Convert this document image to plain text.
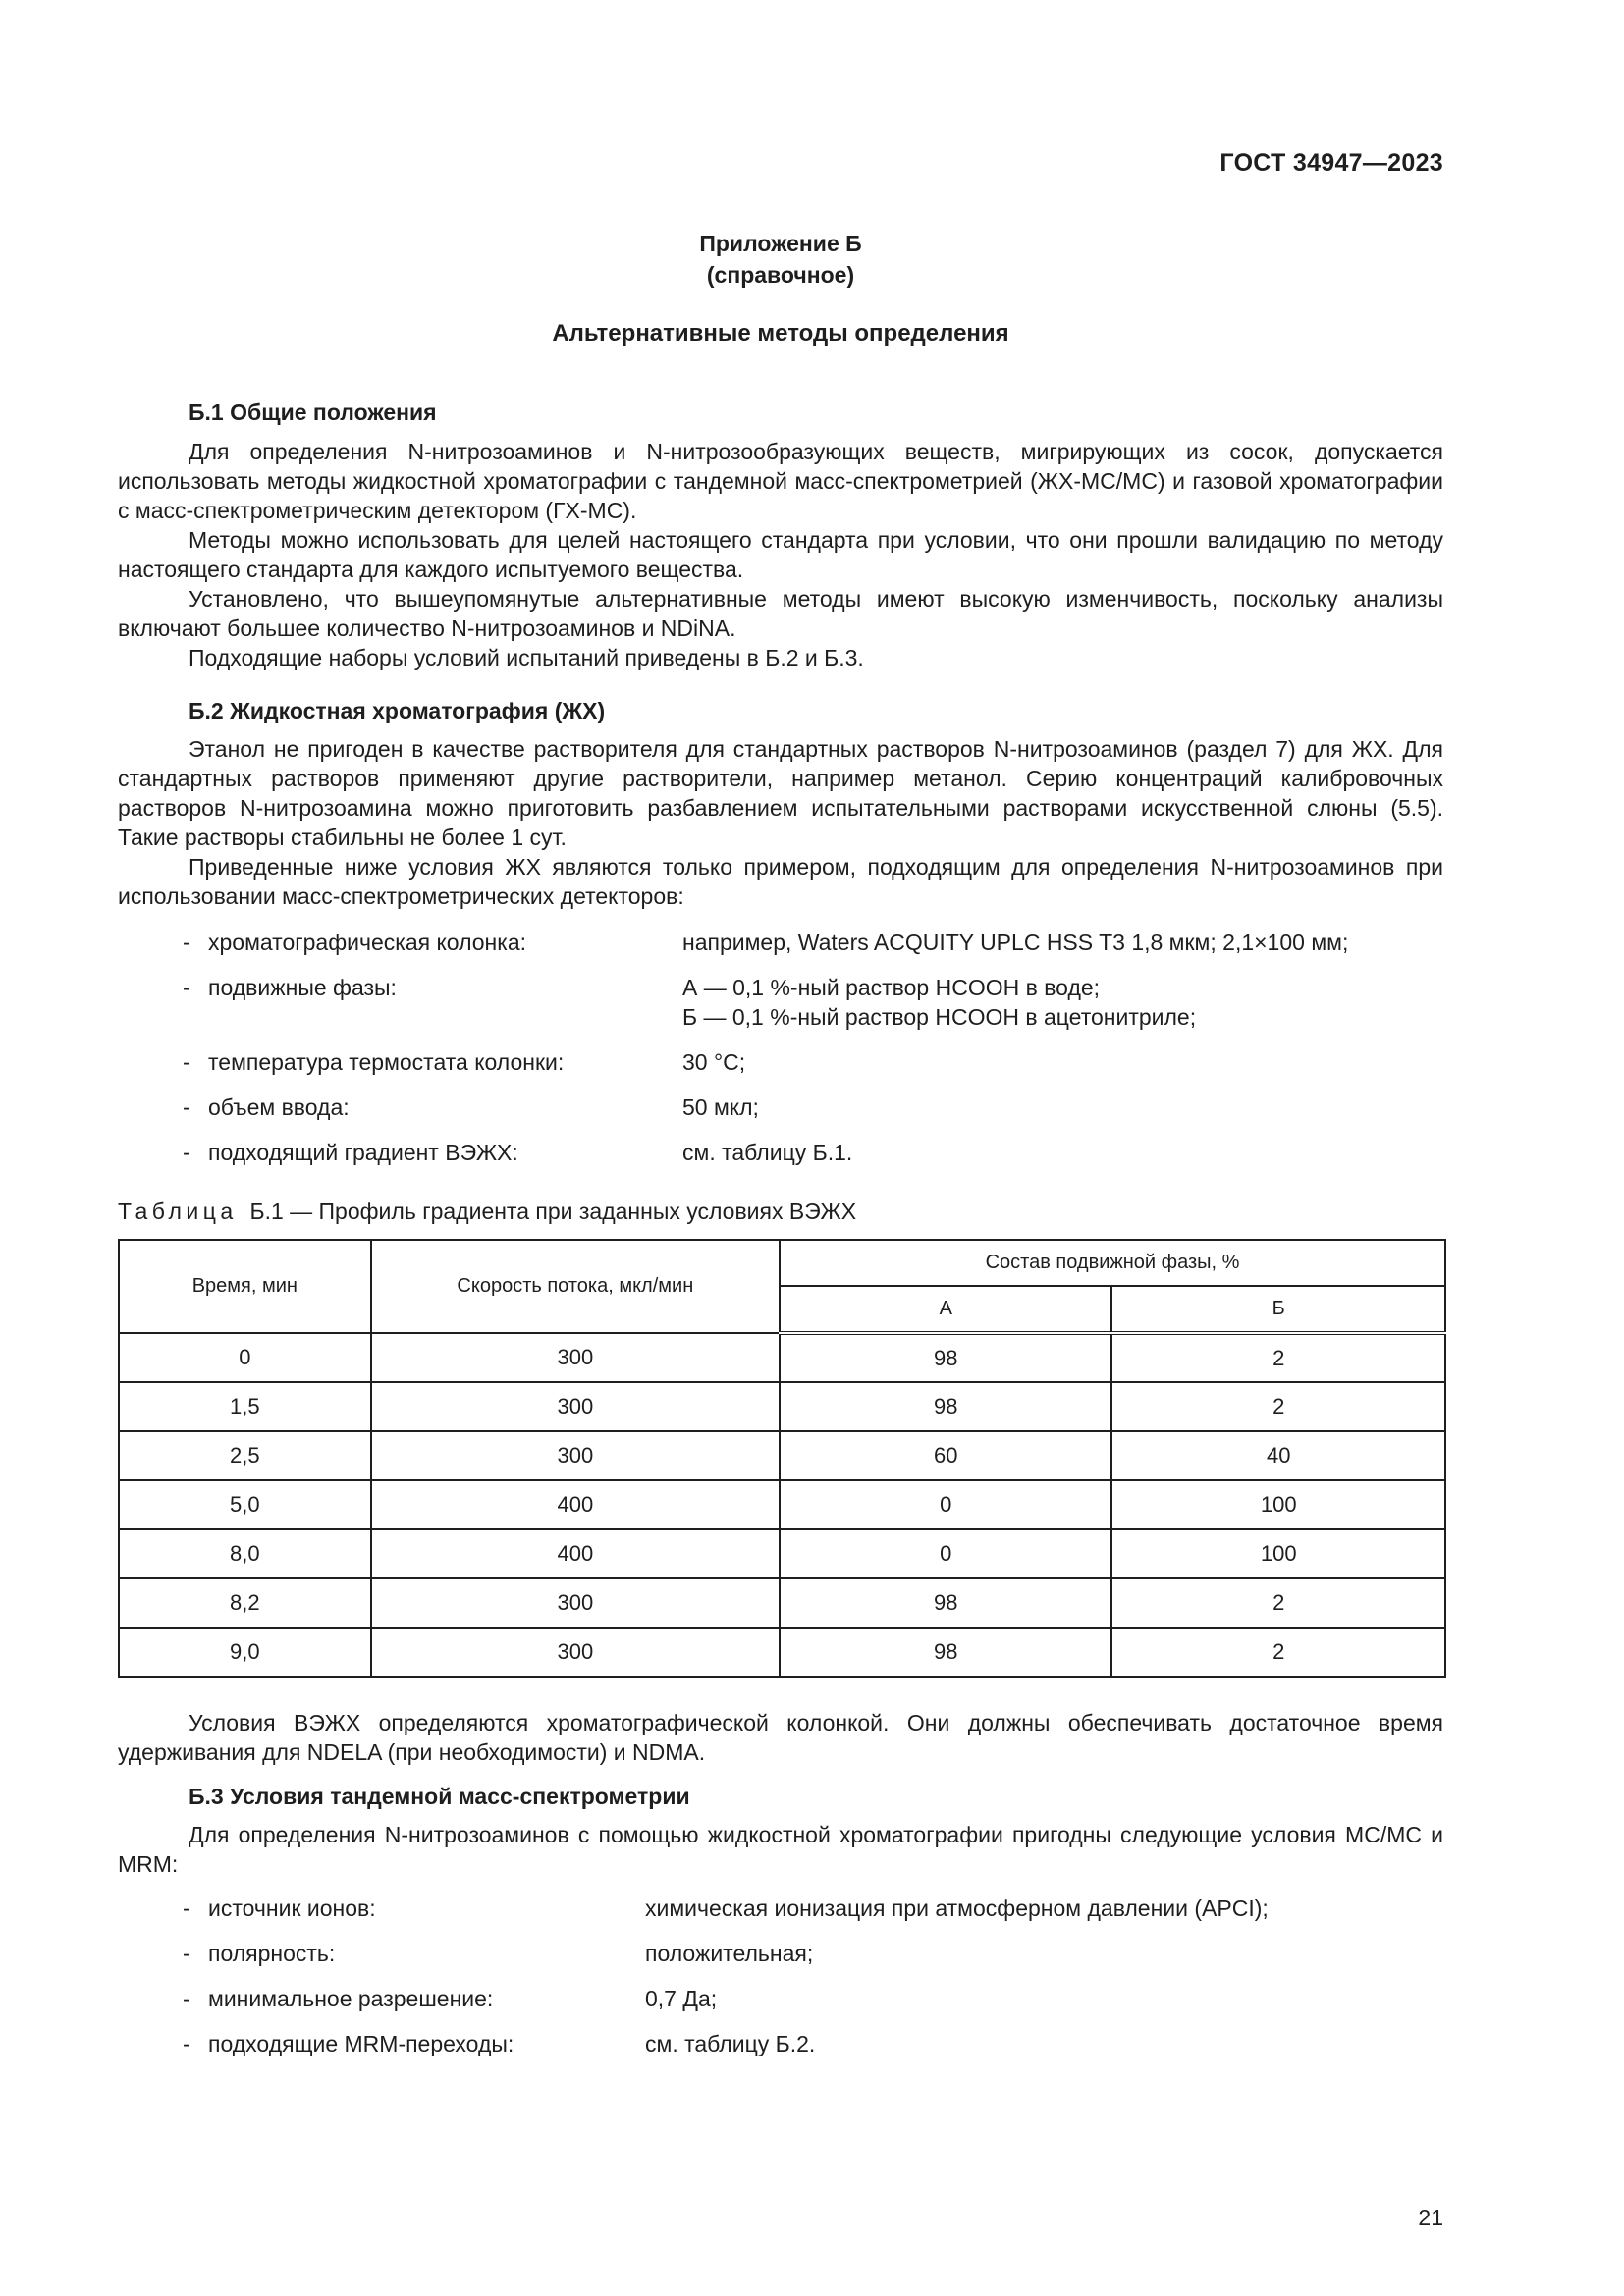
ГОСТ 34947—2023
Приложение Б
(справочное)
Альтернативные методы определения
Б.1 Общие положения

Для определения N-нитрозоаминов и N-нитрозообразующих веществ, мигрирующих из сосок, допускается использовать методы жидкостной хроматографии с тандемной масс-спектрометрией (ЖХ-МС/МС) и газовой хроматографии с масс-спектрометрическим детектором (ГХ-МС).

Методы можно использовать для целей настоящего стандарта при условии, что они прошли валидацию по методу настоящего стандарта для каждого испытуемого вещества.

Установлено, что вышеупомянутые альтернативные методы имеют высокую изменчивость, поскольку анализы включают большее количество N-нитрозоаминов и NDiNA.

Подходящие наборы условий испытаний приведены в Б.2 и Б.3.

Б.2 Жидкостная хроматография (ЖХ)

Этанол не пригоден в качестве растворителя для стандартных растворов N-нитрозоаминов (раздел 7) для ЖХ. Для стандартных растворов применяют другие растворители, например метанол. Серию концентраций калибровочных растворов N-нитрозоамина можно приготовить разбавлением испытательными растворами искусственной слюны (5.5). Такие растворы стабильны не более 1 сут.

Приведенные ниже условия ЖХ являются только примером, подходящим для определения N-нитрозоаминов при использовании масс-спектрометрических детекторов:

- хроматографическая колонка:	например, Waters ACQUITY UPLC HSS T3 1,8 мкм; 2,1×100 мм;
- подвижные фазы:	А — 0,1 %-ный раствор HCOOH в воде;
Б — 0,1 %-ный раствор HCOOH в ацетонитриле;
- температура термостата колонки:	30 °С;
- объем ввода:	50 мкл;
- подходящий градиент ВЭЖХ:	см. таблицу Б.1.
Таблица Б.1 — Профиль градиента при заданных условиях ВЭЖХ
Время, мин	Скорость потока, мкл/мин	Состав подвижной фазы, %	
		А	Б
0	300	98	2
1,5	300	98	2
2,5	300	60	40
5,0	400	0	100
8,0	400	0	100
8,2	300	98	2
9,0	300	98	2

Условия ВЭЖХ определяются хроматографической колонкой. Они должны обеспечивать достаточное время удерживания для NDELA (при необходимости) и NDMA.

Б.3 Условия тандемной масс-спектрометрии

Для определения N-нитрозоаминов с помощью жидкостной хроматографии пригодны следующие условия МС/МС и MRM:

- источник ионов:	химическая ионизация при атмосферном давлении (APCI);
- полярность:	положительная;
- минимальное разрешение:	0,7 Да;
- подходящие MRM-переходы:	см. таблицу Б.2.
21
